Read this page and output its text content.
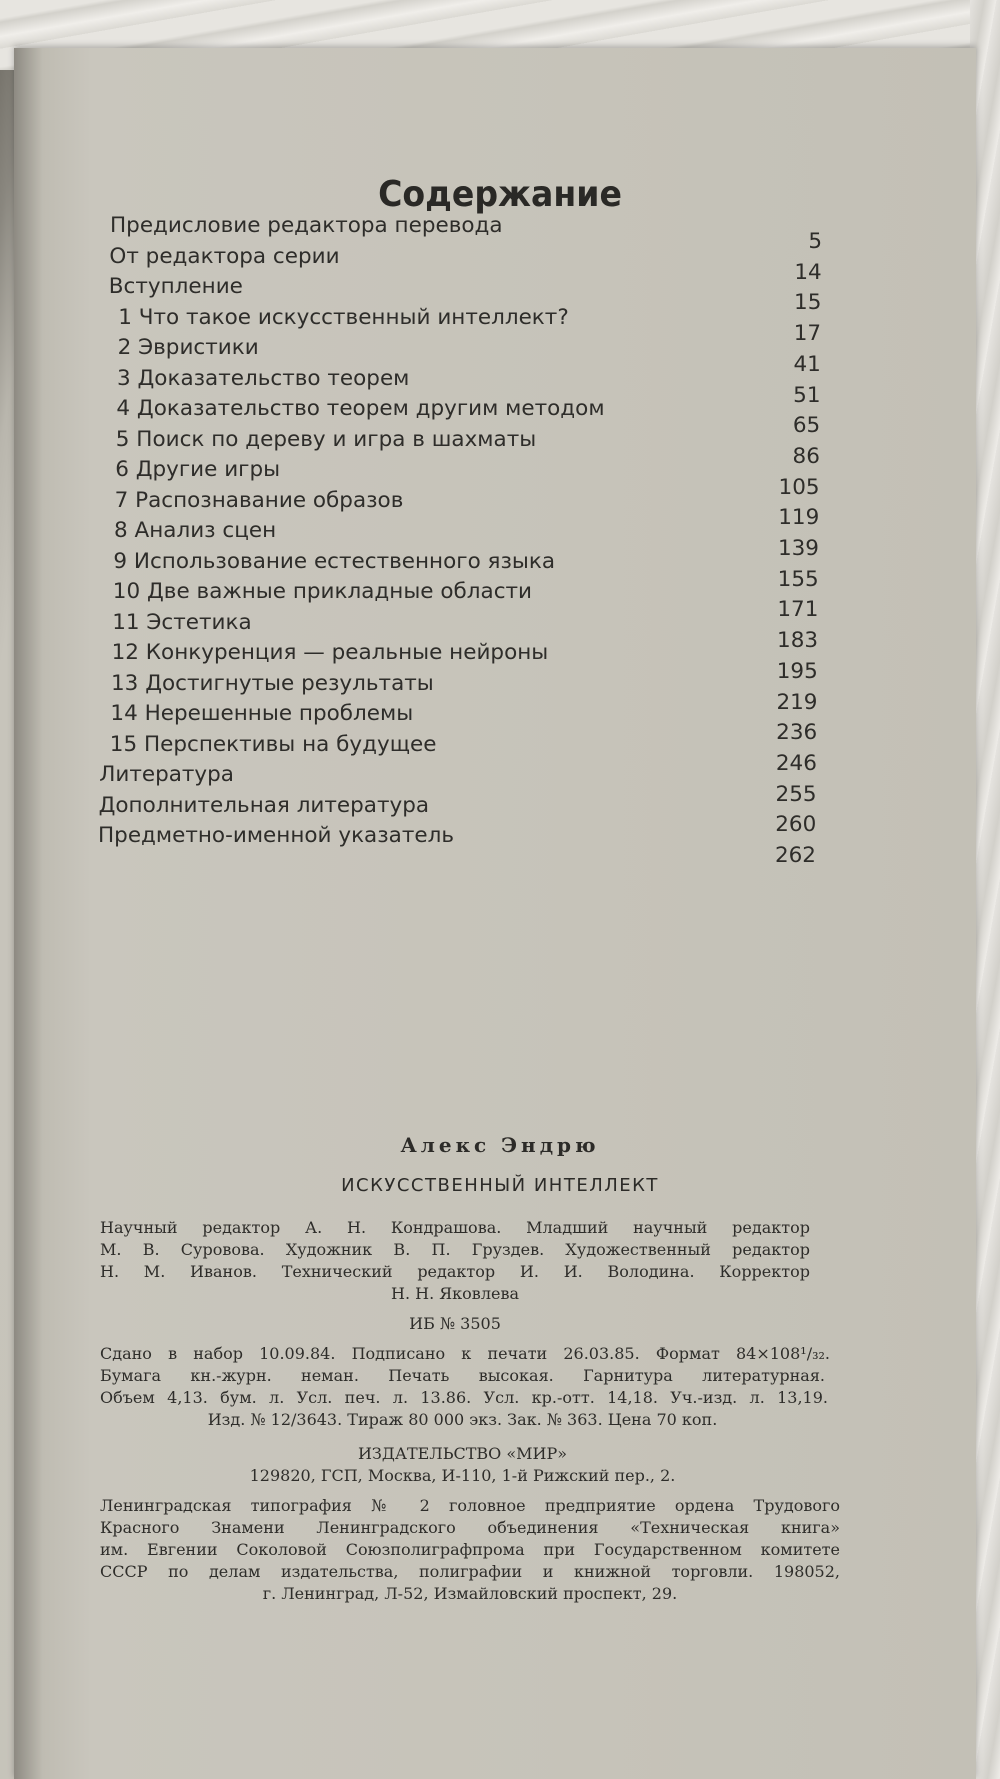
Содержание
Предисловие редактора перевода
5
От редактора серии
14
Вступление
15
1 Что такое искусственный интеллект?
17
2 Эвристики
41
3 Доказательство теорем
51
4 Доказательство теорем другим методом
65
5 Поиск по дереву и игра в шахматы
86
6 Другие игры
105
7 Распознавание образов
119
8 Анализ сцен
139
9 Использование естественного языка
155
10 Две важные прикладные области
171
11 Эстетика
183
12 Конкуренция — реальные нейроны
195
13 Достигнутые результаты
219
14 Нерешенные проблемы
236
15 Перспективы на будущее
246
Литература
255
Дополнительная литература
260
Предметно-именной указатель
262
Алекс Эндрю
ИСКУССТВЕННЫЙ ИНТЕЛЛЕКТ
Научный редактор А. Н. Кондрашова. Младший научный редактор
М. В. Суровова. Художник В. П. Груздев. Художественный редактор
Н. М. Иванов. Технический редактор И. И. Володина. Корректор
Н. Н. Яковлева
ИБ № 3505
Сдано в набор 10.09.84. Подписано к печати 26.03.85. Формат 84×108¹/₃₂.
Бумага кн.-журн. неман. Печать высокая. Гарнитура литературная.
Объем 4,13. бум. л. Усл. печ. л. 13.86. Усл. кр.-отт. 14,18. Уч.-изд. л. 13,19.
Изд. № 12/3643. Тираж 80 000 экз. Зак. № 363. Цена 70 коп.
ИЗДАТЕЛЬСТВО «МИР»
129820, ГСП, Москва, И-110, 1-й Рижский пер., 2.
Ленинградская типография № 2 головное предприятие ордена Трудового
Красного Знамени Ленинградского объединения «Техническая книга»
им. Евгении Соколовой Союзполиграфпрома при Государственном комитете
СССР по делам издательства, полиграфии и книжной торговли. 198052,
г. Ленинград, Л-52, Измайловский проспект, 29.
